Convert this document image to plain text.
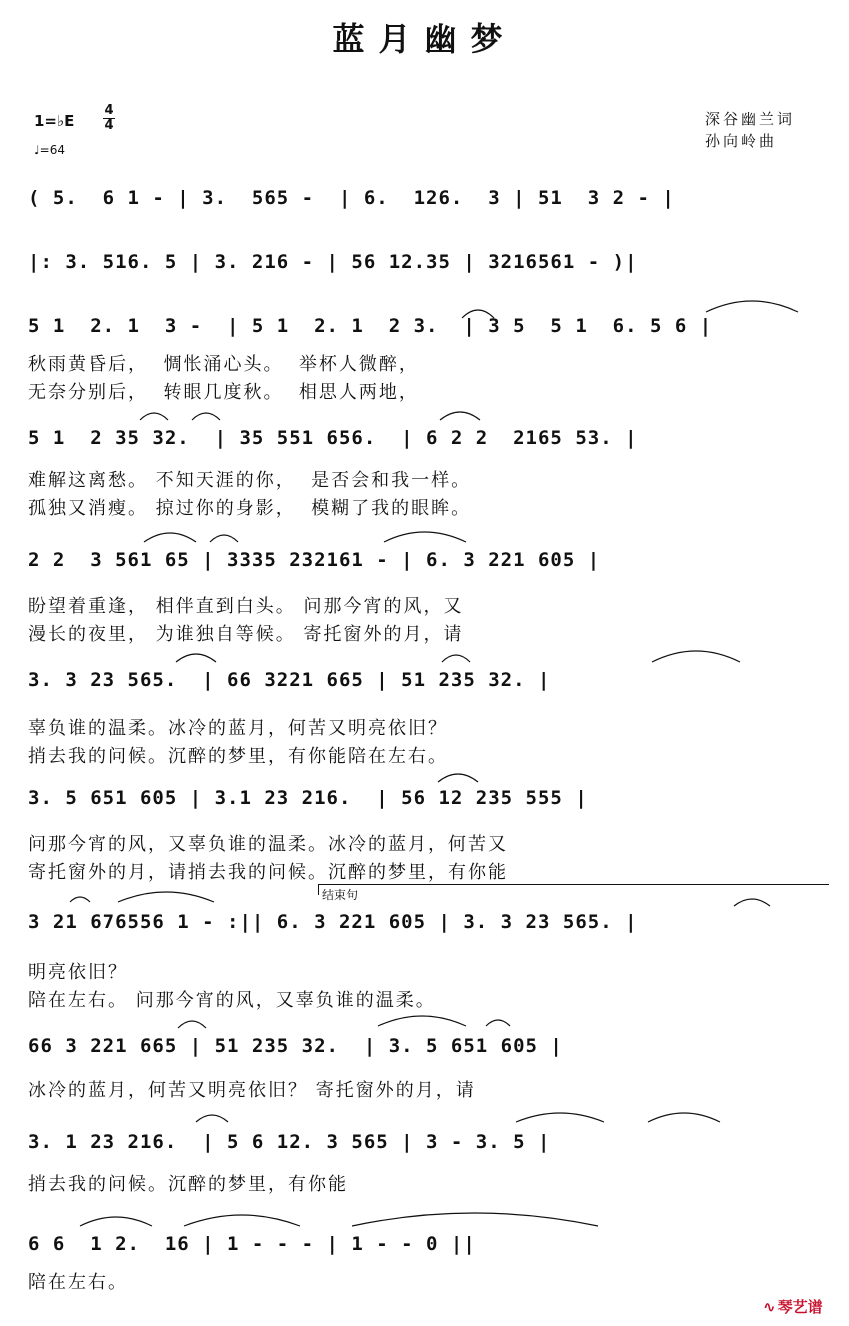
蓝月幽梦
1=♭E
4
4
♩=64
深谷幽兰词
孙向岭曲
( 5.  6 1 - | 3.  565 -  | 6.  126.  3 | 51  3 2 - |
|: 3. 516. 5 | 3. 216 - | 56 12.35 | 3216561 - )|
5 1  2. 1  3 -  | 5 1  2. 1  2 3.  | 3 5  5 1  6. 5 6 |
秋雨黄昏后，  惆怅涌心头。  举杯人微醉，
无奈分别后，  转眼几度秋。  相思人两地，
5 1  2 35 32.  | 35 551 656.  | 6 2 2  2165 53. |
难解这离愁。 不知天涯的你，  是否会和我一样。
孤独又消瘦。 掠过你的身影，  模糊了我的眼眸。
2 2  3 561 65 | 3335 232161 - | 6. 3 221 605 |
盼望着重逢， 相伴直到白头。 问那今宵的风，又
漫长的夜里， 为谁独自等候。 寄托窗外的月，请
3. 3 23 565.  | 66 3221 665 | 51 235 32. |
辜负谁的温柔。冰冷的蓝月，何苦又明亮依旧？
捎去我的问候。沉醉的梦里，有你能陪在左右。
3. 5 651 605 | 3.1 23 216.  | 56 12 235 555 |
问那今宵的风，又辜负谁的温柔。冰冷的蓝月，何苦又
寄托窗外的月，请捎去我的问候。沉醉的梦里，有你能
结束句
3 21 676556 1 - :|| 6. 3 221 605 | 3. 3 23 565. |
明亮依旧？
陪在左右。 问那今宵的风，又辜负谁的温柔。
66 3 221 665 | 51 235 32.  | 3. 5 651 605 |
冰冷的蓝月，何苦又明亮依旧？ 寄托窗外的月，请
3. 1 23 216.  | 5 6 12. 3 565 | 3 - 3. 5 |
捎去我的问候。沉醉的梦里，有你能
6 6  1 2.  16 | 1 - - - | 1 - - 0 ||
陪在左右。
∿ 琴艺谱
